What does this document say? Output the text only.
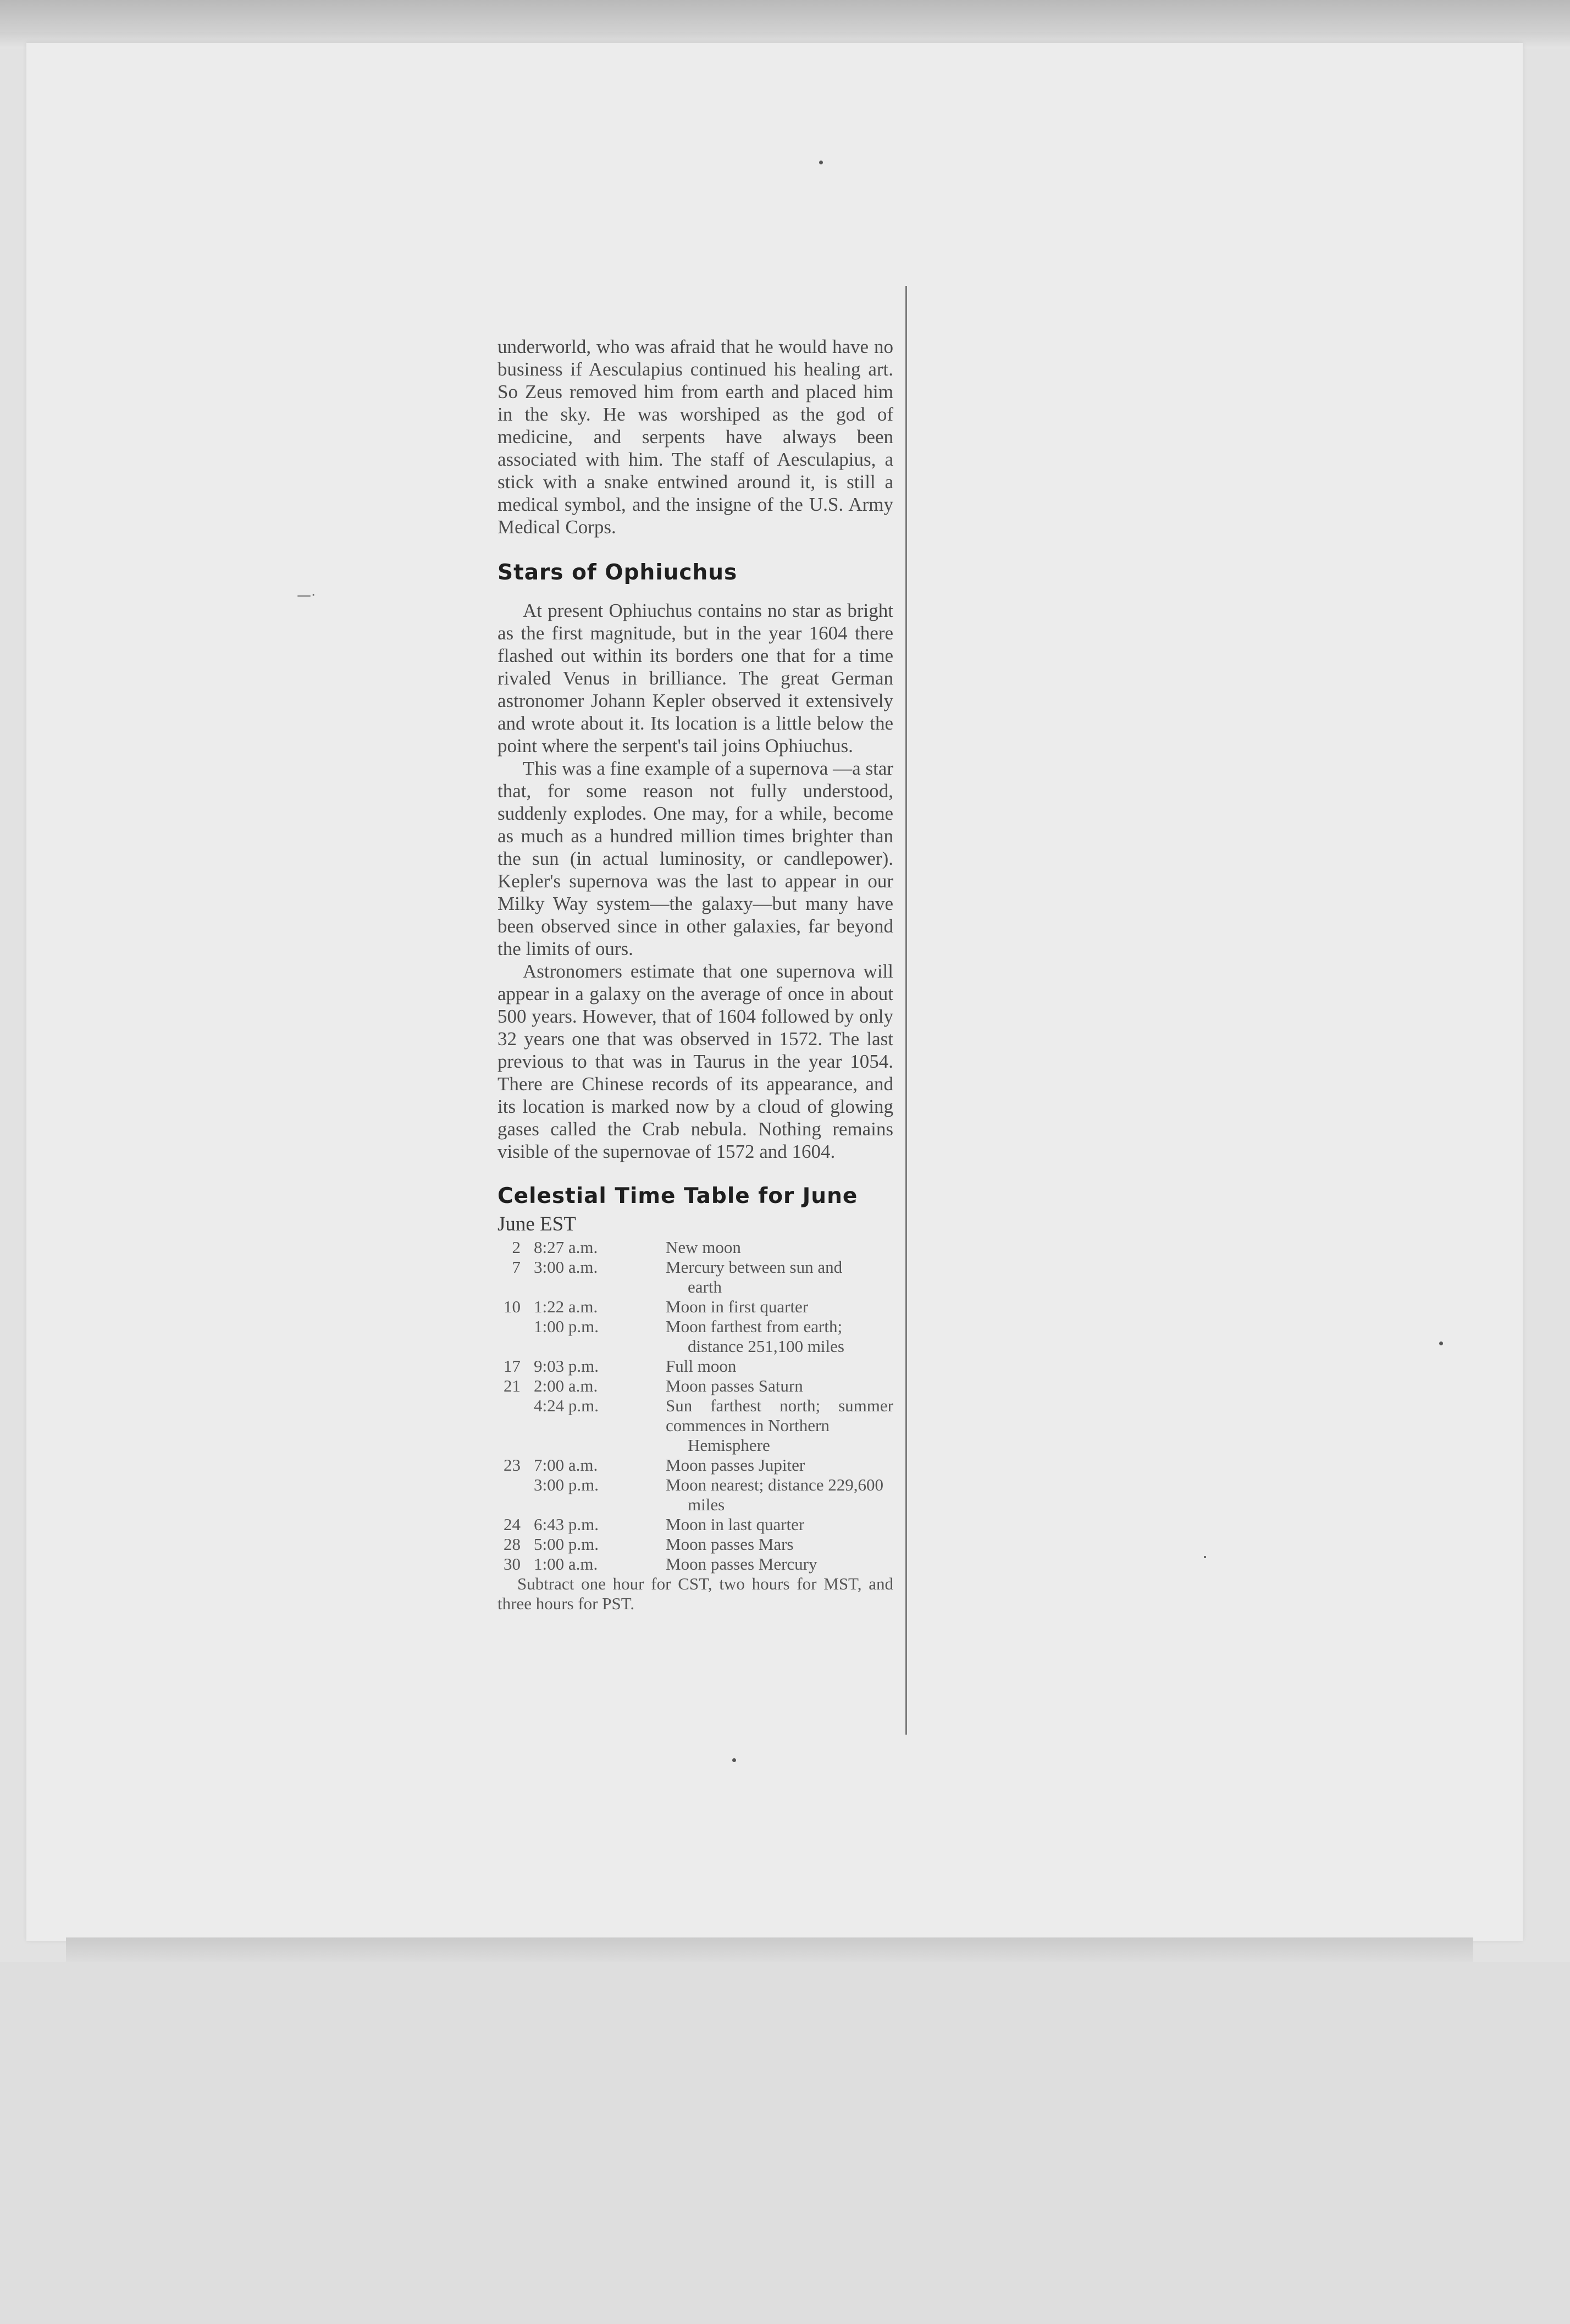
—·

underworld, who was afraid that he would have no business if Aesculapius continued his healing art. So Zeus removed him from earth and placed him in the sky. He was worshiped as the god of medicine, and serpents have always been associated with him. The staff of Aesculapius, a stick with a snake entwined around it, is still a medical symbol, and the insigne of the U.S. Army Medical Corps.

Stars of Ophiuchus

At present Ophiuchus contains no star as bright as the first magnitude, but in the year 1604 there flashed out within its borders one that for a time rivaled Venus in brilliance. The great German astronomer Johann Kepler observed it extensively and wrote about it. Its location is a little below the point where the serpent's tail joins Ophiuchus.

This was a fine example of a supernova —a star that, for some reason not fully understood, suddenly explodes. One may, for a while, become as much as a hundred million times brighter than the sun (in actual luminosity, or candlepower). Kepler's supernova was the last to appear in our Milky Way system—the galaxy—but many have been observed since in other galaxies, far beyond the limits of ours.

Astronomers estimate that one supernova will appear in a galaxy on the average of once in about 500 years. However, that of 1604 followed by only 32 years one that was observed in 1572. The last previous to that was in Taurus in the year 1054. There are Chinese records of its appearance, and its location is marked now by a cloud of glowing gases called the Crab nebula. Nothing remains visible of the supernovae of 1572 and 1604.

Celestial Time Table for June
June EST
2 8:27 a.m.	New moon
7 3:00 a.m.	Mercury between sun and
earth
10 1:22 a.m.	Moon in first quarter
1:00 p.m.	Moon farthest from earth;
distance 251,100 miles
17 9:03 p.m.	Full moon
21 2:00 a.m.	Moon passes Saturn
4:24 p.m.	Sun farthest north; summer commences in Northern
Hemisphere
23 7:00 a.m.	Moon passes Jupiter
3:00 p.m.	Moon nearest; distance 229,600
miles
24 6:43 p.m.	Moon in last quarter
28 5:00 p.m.	Moon passes Mars
30 1:00 a.m.	Moon passes Mercury

Subtract one hour for CST, two hours for MST, and three hours for PST.
